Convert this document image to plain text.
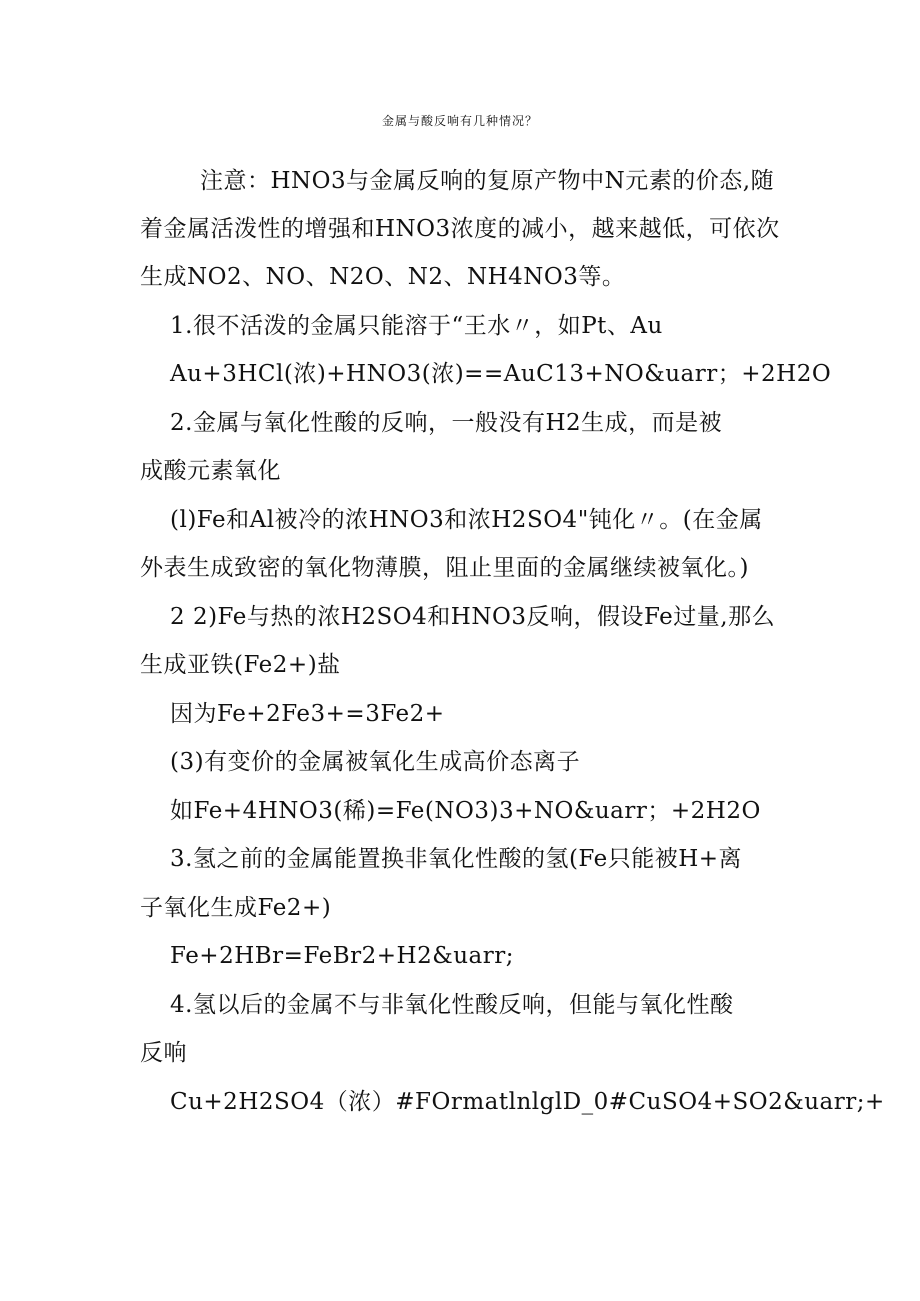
金属与酸反响有几种情况？
注意：HNO3与金属反响的复原产物中N元素的价态,随
着金属活泼性的增强和HNO3浓度的减小，越来越低，可依次
生成NO2、NO、N2O、N2、NH4NO3等。
1.很不活泼的金属只能溶于“王水〃，如Pt、Au
Au+3HCl(浓)+HNO3(浓)==AuC13+NO&uarr；+2H2O
2.金属与氧化性酸的反响，一般没有H2生成，而是被
成酸元素氧化
(l)Fe和Al被冷的浓HNO3和浓H2SO4"钝化〃。(在金属
外表生成致密的氧化物薄膜，阻止里面的金属继续被氧化。)
2 2)Fe与热的浓H2SO4和HNO3反响，假设Fe过量,那么
生成亚铁(Fe2+)盐
因为Fe+2Fe3+=3Fe2+
(3)有变价的金属被氧化生成高价态离子
如Fe+4HNO3(稀)=Fe(NO3)3+NO&uarr；+2H2O
3.氢之前的金属能置换非氧化性酸的氢(Fe只能被H+离
子氧化生成Fe2+)
Fe+2HBr=FeBr2+H2&uarr;
4.氢以后的金属不与非氧化性酸反响，但能与氧化性酸
反响
Cu+2H2SO4（浓）#FOrmatlnlglD_0#CuSO4+SO2&uarr;+
